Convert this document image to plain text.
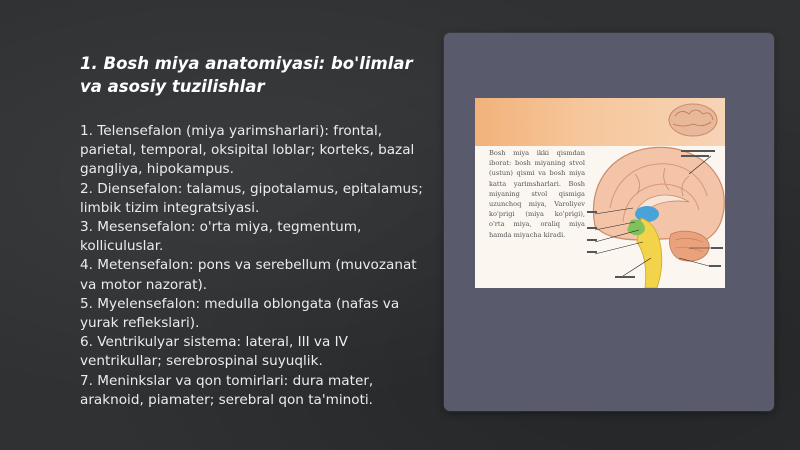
1. Bosh miya anatomiyasi: bo'limlar va asosiy tuzilishlar
1. Telensefalon (miya yarimsharlari): frontal, parietal, temporal, oksipital loblar; korteks, bazal gangliya, hipokampus.
2. Diensefalon: talamus, gipotalamus, epitalamus; limbik tizim integratsiyasi.
3. Mesensefalon: o'rta miya, tegmentum, kolliculuslar.
4. Metensefalon: pons va serebellum (muvozanat va motor nazorat).
5. Myelensefalon: medulla oblongata (nafas va yurak reflekslari).
6. Ventrikulyar sistema: lateral, III va IV ventrikullar; serebrospinal suyuqlik.
7. Meninkslar va qon tomirlari: dura mater, araknoid, piamater; serebral qon ta'minoti.
Bosh miya ikki qismdan iborat: bosh miyaning stvol (ustun) qismi va bosh miya katta yarimsharlari. Bosh miyaning stvol qismiga uzunchoq miya, Varoliyev ko'prigi (miya ko'prigi), o'rta miya, oraliq miya hamda miyacha kiradi.
